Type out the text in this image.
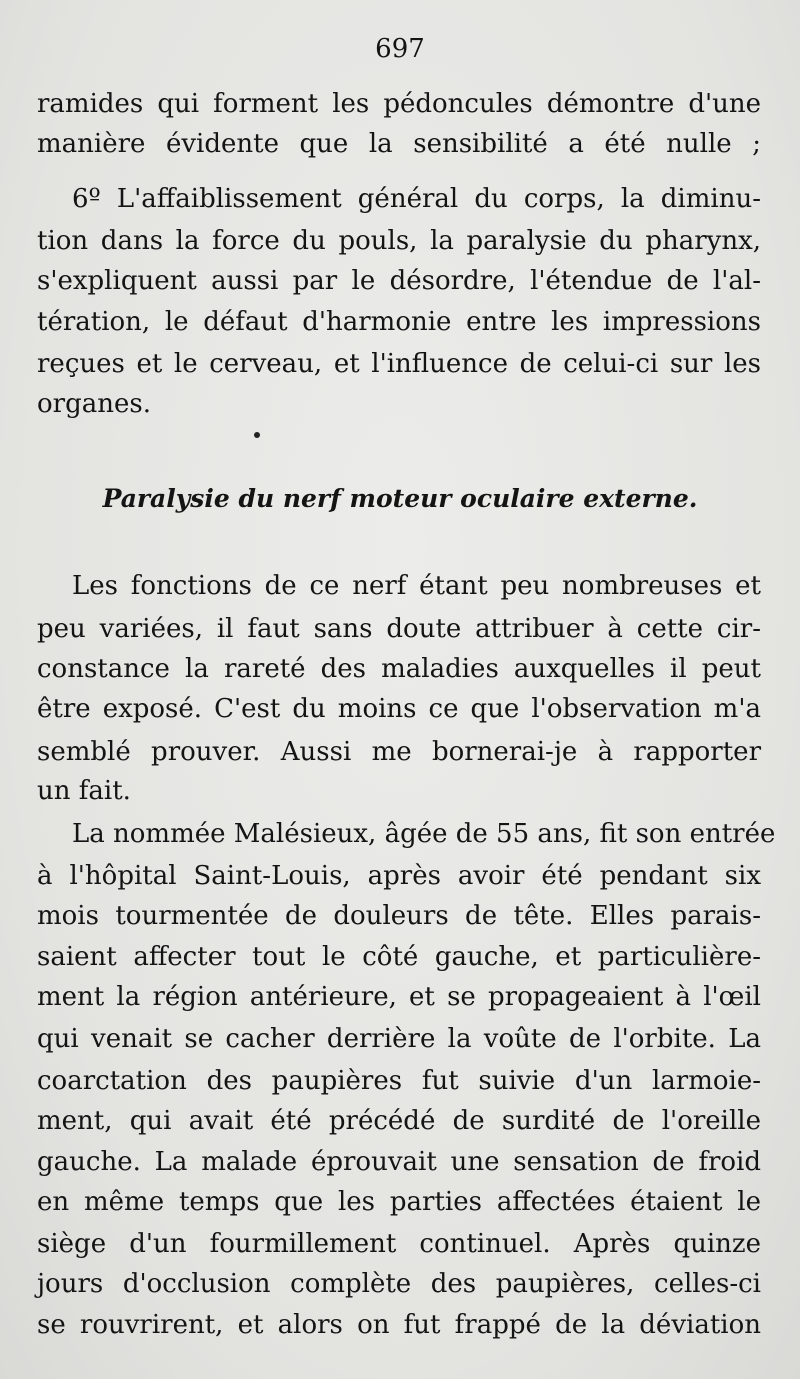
697
ramides qui forment les pédoncules démontre d'une
manière évidente que la sensibilité a été nulle ;
6º L'affaiblissement général du corps, la diminu-
tion dans la force du pouls, la paralysie du pharynx,
s'expliquent aussi par le désordre, l'étendue de l'al-
tération, le défaut d'harmonie entre les impressions
reçues et le cerveau, et l'influence de celui-ci sur les
organes.
Paralysie du nerf moteur oculaire externe.
Les fonctions de ce nerf étant peu nombreuses et
peu variées, il faut sans doute attribuer à cette cir-
constance la rareté des maladies auxquelles il peut
être exposé. C'est du moins ce que l'observation m'a
semblé prouver. Aussi me bornerai-je à rapporter
un fait.
La nommée Malésieux, âgée de 55 ans, fit son entrée
à l'hôpital Saint-Louis, après avoir été pendant six
mois tourmentée de douleurs de tête. Elles parais-
saient affecter tout le côté gauche, et particulière-
ment la région antérieure, et se propageaient à l'œil
qui venait se cacher derrière la voûte de l'orbite. La
coarctation des paupières fut suivie d'un larmoie-
ment, qui avait été précédé de surdité de l'oreille
gauche. La malade éprouvait une sensation de froid
en même temps que les parties affectées étaient le
siège d'un fourmillement continuel. Après quinze
jours d'occlusion complète des paupières, celles-ci
se rouvrirent, et alors on fut frappé de la déviation
